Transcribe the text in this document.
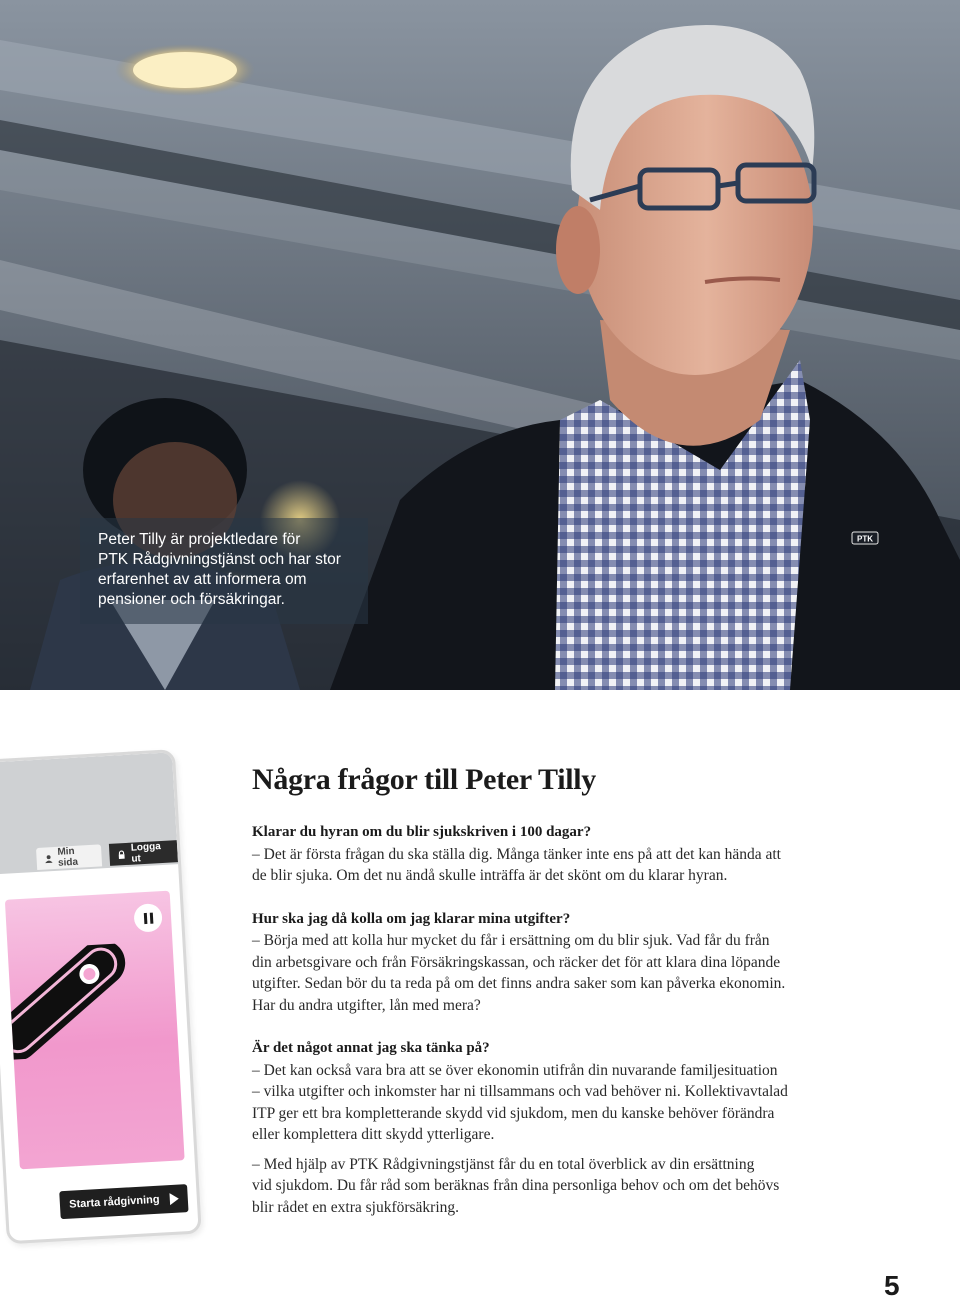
PTK
Peter Tilly är projektledare för
PTK Rådgivningstjänst och har stor
erfarenhet av att informera om
pensioner och försäkringar.
Min sida
Logga ut
Starta rådgivning
Några frågor till Peter Tilly
Klarar du hyran om du blir sjukskriven i 100 dagar?
– Det är första frågan du ska ställa dig. Många tänker inte ens på att det kan hända att
de blir sjuka. Om det nu ändå skulle inträffa är det skönt om du klarar hyran.
Hur ska jag då kolla om jag klarar mina utgifter?
– Börja med att kolla hur mycket du får i ersättning om du blir sjuk. Vad får du från
din arbetsgivare och från Försäkringskassan, och räcker det för att klara dina löpande
utgifter. Sedan bör du ta reda på om det finns andra saker som kan påverka ekonomin.
Har du andra utgifter, lån med mera?
Är det något annat jag ska tänka på?
– Det kan också vara bra att se över ekonomin utifrån din nuvarande familjesituation
– vilka utgifter och inkomster har ni tillsammans och vad behöver ni. Kollektivavtalad
ITP ger ett bra kompletterande skydd vid sjukdom, men du kanske behöver förändra
eller komplettera ditt skydd ytterligare.
– Med hjälp av PTK Rådgivningstjänst får du en total överblick av din ersättning
vid sjukdom. Du får råd som beräknas från dina personliga behov och om det behövs
blir rådet en extra sjukförsäkring.
5
